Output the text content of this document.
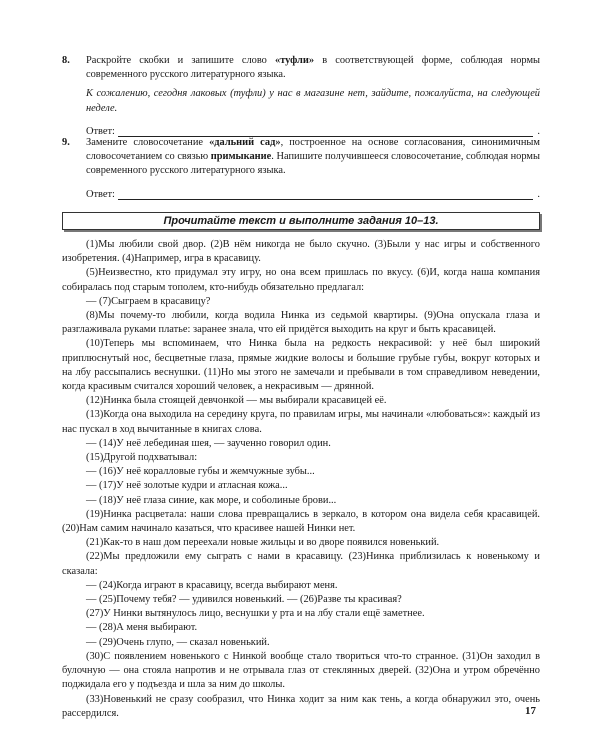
8. Раскройте скобки и запишите слово «туфли» в соответствующей форме, соблюдая нормы современного русского литературного языка.

К сожалению, сегодня лаковых (туфли) у нас в магазине нет, зайдите, пожалуйста, на следующей неделе.

Ответ:	.
9. Замените словосочетание «дальний сад», построенное на основе согласования, синонимичным словосочетанием со связью примыкание. Напишите получившееся словосочетание, соблюдая нормы современного русского литературного языка.

Ответ:	.
Прочитайте текст и выполните задания 10–13.

(1)Мы любили свой двор. (2)В нём никогда не было скучно. (3)Были у нас игры и собственного изобретения. (4)Например, игра в красавицу.

(5)Неизвестно, кто придумал эту игру, но она всем пришлась по вкусу. (6)И, когда наша компания собиралась под старым тополем, кто-нибудь обязательно предлагал:

— (7)Сыграем в красавицу?

(8)Мы почему-то любили, когда водила Нинка из седьмой квартиры. (9)Она опускала глаза и разглаживала руками платье: заранее знала, что ей придётся выходить на круг и быть красавицей.

(10)Теперь мы вспоминаем, что Нинка была на редкость некрасивой: у неё был широкий приплюснутый нос, бесцветные глаза, прямые жидкие волосы и большие грубые губы, вокруг которых и на лбу рассыпались веснушки. (11)Но мы этого не замечали и пребывали в том справедливом неведении, когда красивым считался хороший человек, а некрасивым — дрянной.

(12)Нинка была стоящей девчонкой — мы выбирали красавицей её.

(13)Когда она выходила на середину круга, по правилам игры, мы начинали «любоваться»: каждый из нас пускал в ход вычитанные в книгах слова.

— (14)У неё лебединая шея, — заученно говорил один.

(15)Другой подхватывал:

— (16)У неё коралловые губы и жемчужные зубы...

— (17)У неё золотые кудри и атласная кожа...

— (18)У неё глаза синие, как море, и соболиные брови...

(19)Нинка расцветала: наши слова превращались в зеркало, в котором она видела себя красавицей. (20)Нам самим начинало казаться, что красивее нашей Нинки нет.

(21)Как-то в наш дом переехали новые жильцы и во дворе появился новенький.

(22)Мы предложили ему сыграть с нами в красавицу. (23)Нинка приблизилась к новенькому и сказала:

— (24)Когда играют в красавицу, всегда выбирают меня.

— (25)Почему тебя? — удивился новенький. — (26)Разве ты красивая?

(27)У Нинки вытянулось лицо, веснушки у рта и на лбу стали ещё заметнее.

— (28)А меня выбирают.

— (29)Очень глупо, — сказал новенький.

(30)С появлением новенького с Нинкой вообще стало твориться что-то странное. (31)Он заходил в булочную — она стояла напротив и не отрывала глаз от стеклянных дверей. (32)Она и утром обречённо поджидала его у подъезда и шла за ним до школы.

(33)Новенький не сразу сообразил, что Нинка ходит за ним как тень, а когда обнаружил это, очень рассердился.	17
